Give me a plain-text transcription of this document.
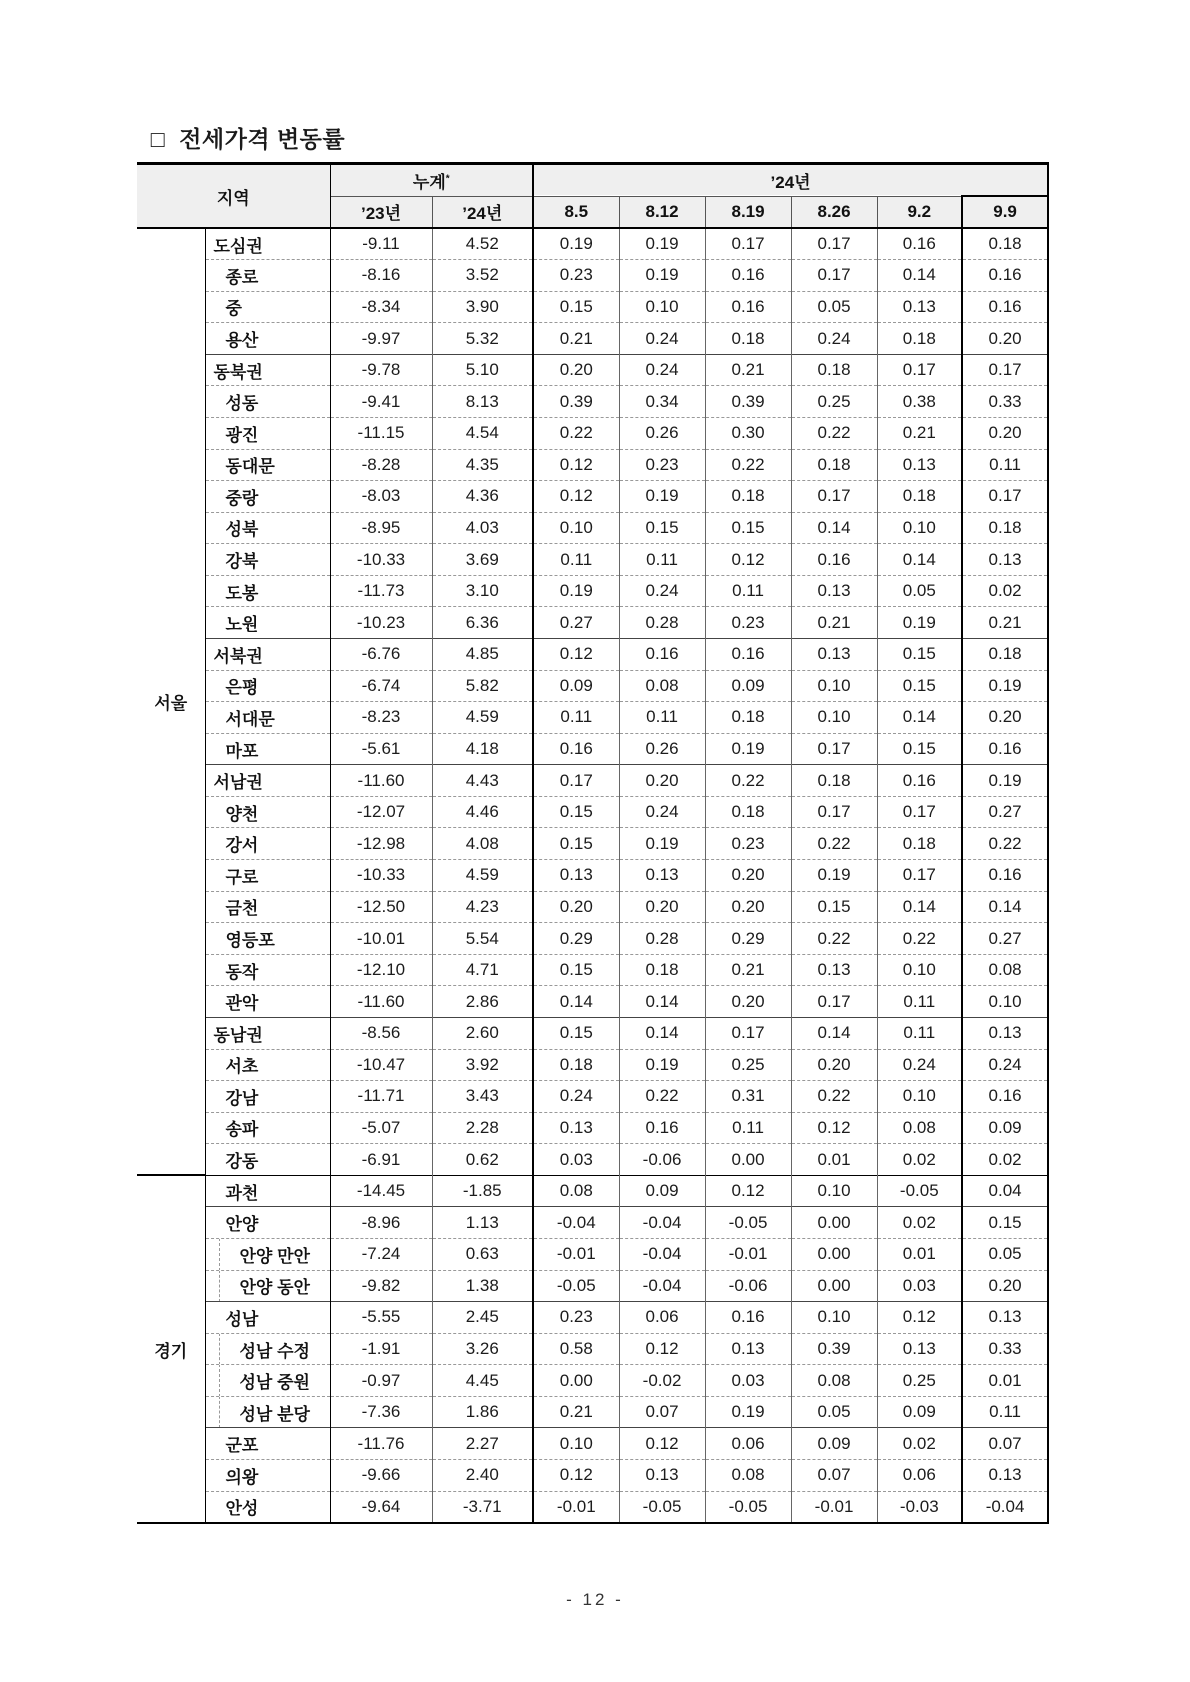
□ 전세가격 변동률

지역		누계*		’24년					
		’23년	’24년	8.5	8.12	8.19	8.26	9.2	9.9
서울	도심권	-9.11	4.52	0.19	0.19	0.17	0.17	0.16	0.18
	종로	-8.16	3.52	0.23	0.19	0.16	0.17	0.14	0.16
	중	-8.34	3.90	0.15	0.10	0.16	0.05	0.13	0.16
	용산	-9.97	5.32	0.21	0.24	0.18	0.24	0.18	0.20
	동북권	-9.78	5.10	0.20	0.24	0.21	0.18	0.17	0.17
	성동	-9.41	8.13	0.39	0.34	0.39	0.25	0.38	0.33
	광진	-11.15	4.54	0.22	0.26	0.30	0.22	0.21	0.20
	동대문	-8.28	4.35	0.12	0.23	0.22	0.18	0.13	0.11
	중랑	-8.03	4.36	0.12	0.19	0.18	0.17	0.18	0.17
	성북	-8.95	4.03	0.10	0.15	0.15	0.14	0.10	0.18
	강북	-10.33	3.69	0.11	0.11	0.12	0.16	0.14	0.13
	도봉	-11.73	3.10	0.19	0.24	0.11	0.13	0.05	0.02
	노원	-10.23	6.36	0.27	0.28	0.23	0.21	0.19	0.21
	서북권	-6.76	4.85	0.12	0.16	0.16	0.13	0.15	0.18
	은평	-6.74	5.82	0.09	0.08	0.09	0.10	0.15	0.19
	서대문	-8.23	4.59	0.11	0.11	0.18	0.10	0.14	0.20
	마포	-5.61	4.18	0.16	0.26	0.19	0.17	0.15	0.16
	서남권	-11.60	4.43	0.17	0.20	0.22	0.18	0.16	0.19
	양천	-12.07	4.46	0.15	0.24	0.18	0.17	0.17	0.27
	강서	-12.98	4.08	0.15	0.19	0.23	0.22	0.18	0.22
	구로	-10.33	4.59	0.13	0.13	0.20	0.19	0.17	0.16
	금천	-12.50	4.23	0.20	0.20	0.20	0.15	0.14	0.14
	영등포	-10.01	5.54	0.29	0.28	0.29	0.22	0.22	0.27
	동작	-12.10	4.71	0.15	0.18	0.21	0.13	0.10	0.08
	관악	-11.60	2.86	0.14	0.14	0.20	0.17	0.11	0.10
	동남권	-8.56	2.60	0.15	0.14	0.17	0.14	0.11	0.13
	서초	-10.47	3.92	0.18	0.19	0.25	0.20	0.24	0.24
	강남	-11.71	3.43	0.24	0.22	0.31	0.22	0.10	0.16
	송파	-5.07	2.28	0.13	0.16	0.11	0.12	0.08	0.09
	강동	-6.91	0.62	0.03	-0.06	0.00	0.01	0.02	0.02
경기	과천	-14.45	-1.85	0.08	0.09	0.12	0.10	-0.05	0.04
	안양	-8.96	1.13	-0.04	-0.04	-0.05	0.00	0.02	0.15
	안양 만안	-7.24	0.63	-0.01	-0.04	-0.01	0.00	0.01	0.05
	안양 동안	-9.82	1.38	-0.05	-0.04	-0.06	0.00	0.03	0.20
	성남	-5.55	2.45	0.23	0.06	0.16	0.10	0.12	0.13
	성남 수정	-1.91	3.26	0.58	0.12	0.13	0.39	0.13	0.33
	성남 중원	-0.97	4.45	0.00	-0.02	0.03	0.08	0.25	0.01
	성남 분당	-7.36	1.86	0.21	0.07	0.19	0.05	0.09	0.11
	군포	-11.76	2.27	0.10	0.12	0.06	0.09	0.02	0.07
	의왕	-9.66	2.40	0.12	0.13	0.08	0.07	0.06	0.13
	안성	-9.64	-3.71	-0.01	-0.05	-0.05	-0.01	-0.03	-0.04
- 12 -
